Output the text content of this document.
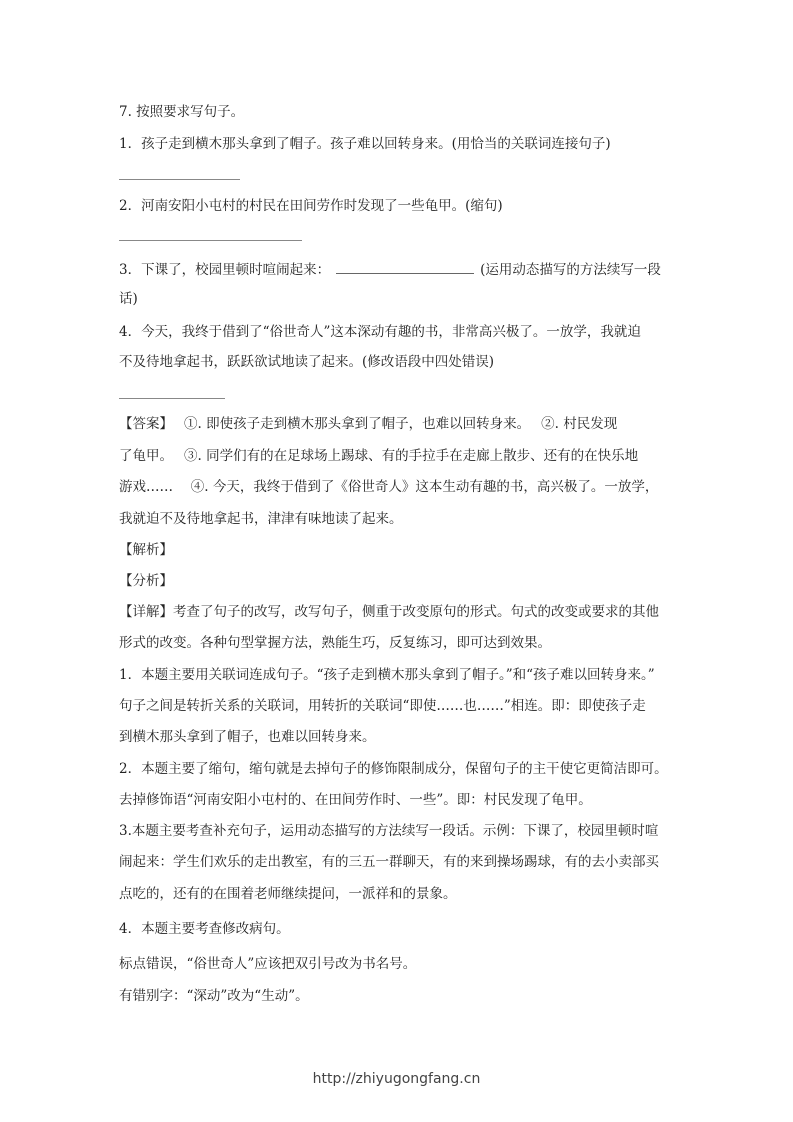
7. 按照要求写句子。
1．孩子走到横木那头拿到了帽子。孩子难以回转身来。(用恰当的关联词连接句子)
2．河南安阳小屯村的村民在田间劳作时发现了一些龟甲。(缩句)
3．下课了，校园里顿时喧闹起来：	(运用动态描写的方法续写一段
话)
4．今天，我终于借到了“俗世奇人”这本深动有趣的书，非常高兴极了。一放学，我就迫
不及待地拿起书，跃跃欲试地读了起来。(修改语段中四处错误)
【答案】　 ①. 即使孩子走到横木那头拿到了帽子，也难以回转身来。　 ②. 村民发现
了龟甲。　 ③. 同学们有的在足球场上踢球、有的手拉手在走廊上散步、还有的在快乐地
游戏……　 ④. 今天，我终于借到了《俗世奇人》这本生动有趣的书，高兴极了。一放学，
我就迫不及待地拿起书，津津有味地读了起来。
【解析】
【分析】
【详解】考查了句子的改写，改写句子，侧重于改变原句的形式。句式的改变或要求的其他
形式的改变。各种句型掌握方法，熟能生巧，反复练习，即可达到效果。
1．本题主要用关联词连成句子。“孩子走到横木那头拿到了帽子。”和“孩子难以回转身来。”
句子之间是转折关系的关联词，用转折的关联词“即使……也……”相连。即：即使孩子走
到横木那头拿到了帽子，也难以回转身来。
2．本题主要了缩句，缩句就是去掉句子的修饰限制成分，保留句子的主干使它更简洁即可。
去掉修饰语“河南安阳小屯村的、在田间劳作时、一些”。即：村民发现了龟甲。
3.本题主要考查补充句子，运用动态描写的方法续写一段话。示例：下课了，校园里顿时喧
闹起来：学生们欢乐的走出教室，有的三五一群聊天，有的来到操场踢球，有的去小卖部买
点吃的，还有的在围着老师继续提问，一派祥和的景象。
4．本题主要考查修改病句。
标点错误，“俗世奇人”应该把双引号改为书名号。
有错别字：“深动”改为“生动”。
http://zhiyugongfang.cn
